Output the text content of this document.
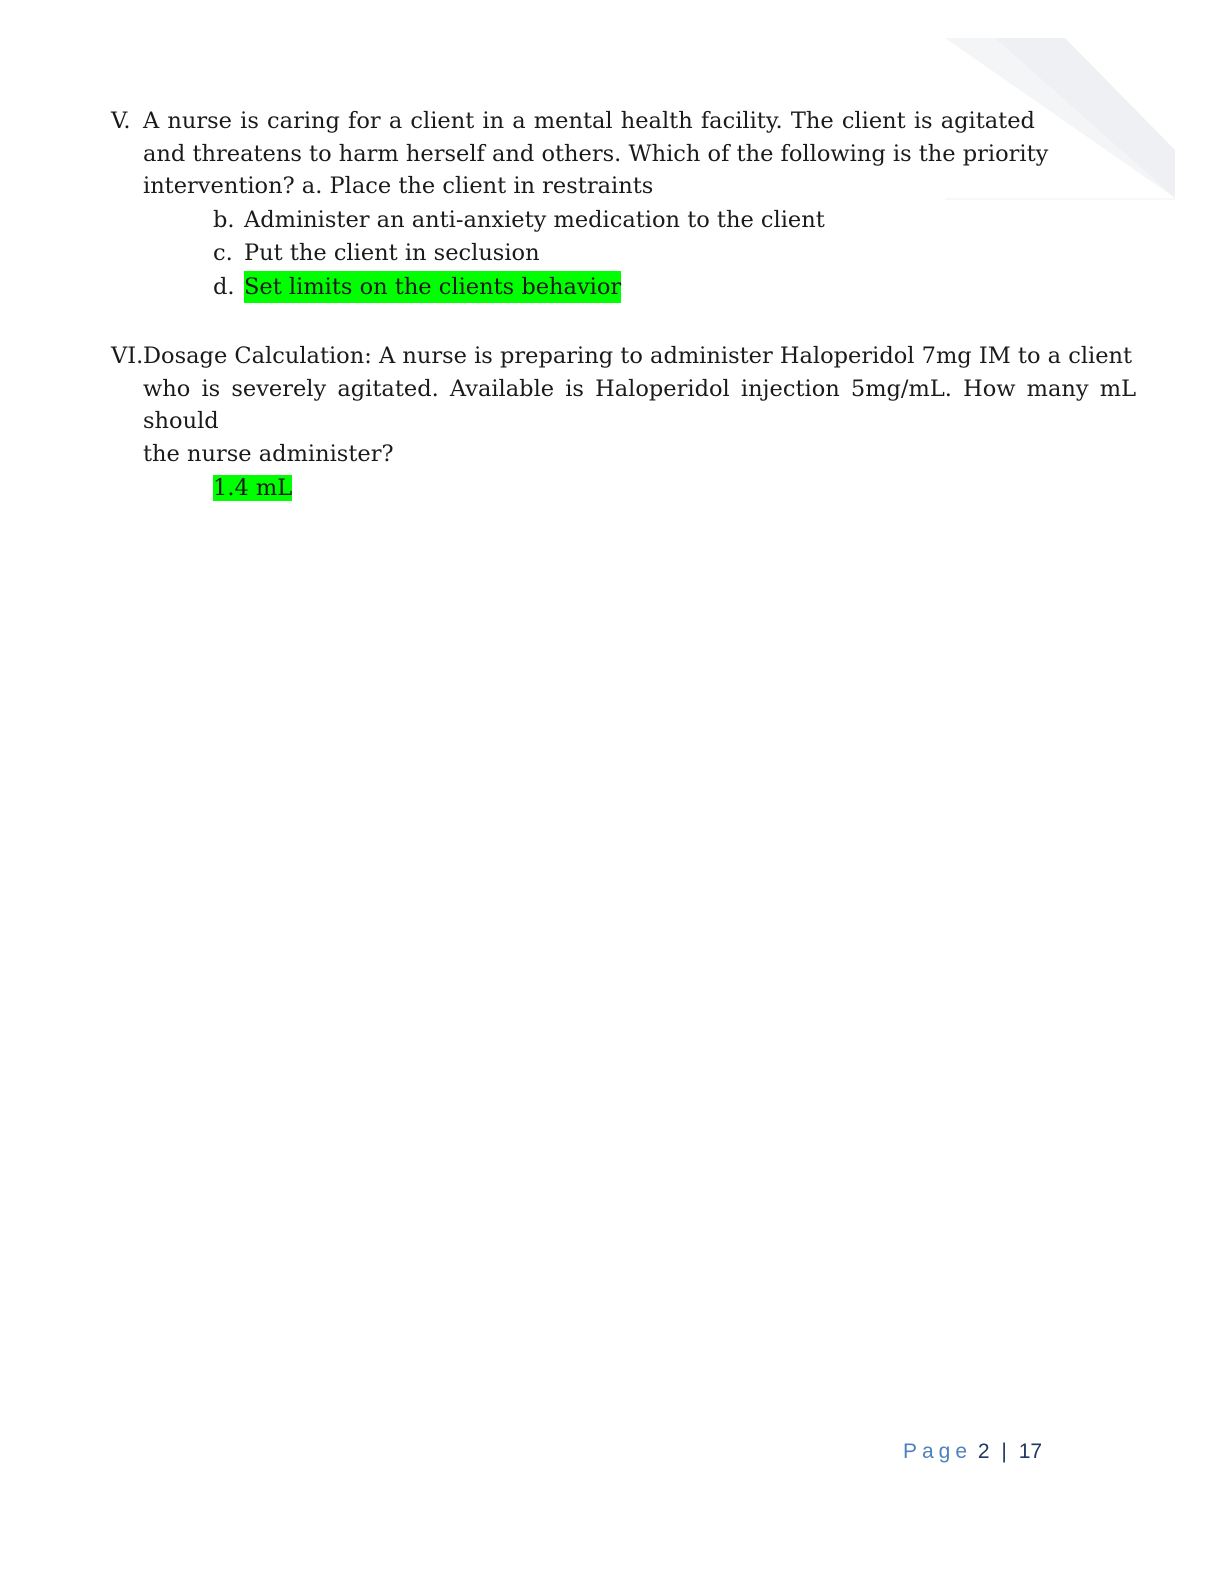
V. A nurse is caring for a client in a mental health facility. The client is agitated
and threatens to harm herself and others. Which of the following is the priority
intervention? a. Place the client in restraints
b. Administer an anti-anxiety medication to the client
c. Put the client in seclusion
d. Set limits on the clients behavior
VI. Dosage Calculation: A nurse is preparing to administer Haloperidol 7mg IM to a client
who is severely agitated. Available is Haloperidol injection 5mg/mL. How many mL
should
the nurse administer?
1.4 mL
Page 2 | 17
